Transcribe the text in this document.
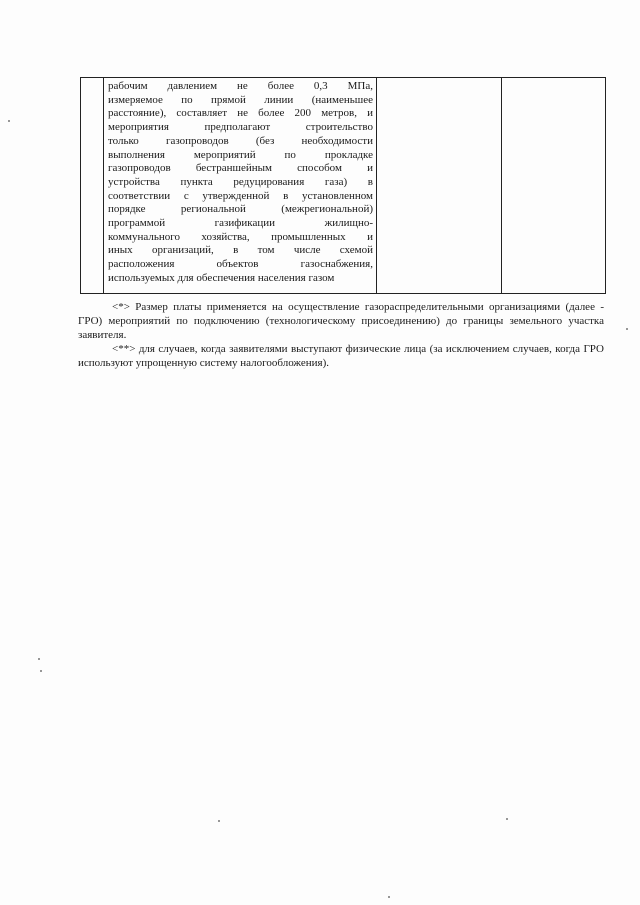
рабочим давлением не более 0,3 МПа,
измеряемое по прямой линии (наименьшее
расстояние), составляет не более 200 метров, и
мероприятия предполагают строительство
только газопроводов (без необходимости
выполнения мероприятий по прокладке
газопроводов бестраншейным способом и
устройства пункта редуцирования газа) в
соответствии с утвержденной в установленном
порядке региональной (межрегиональной)
программой газификации жилищно-
коммунального хозяйства, промышленных и
иных организаций, в том числе схемой
расположения объектов газоснабжения,
используемых для обеспечения населения газом

<*> Размер платы применяется на осуществление газораспределительными организациями (далее - ГРО) мероприятий по подключению (технологическому присоединению) до границы земельного участка заявителя.

<**> для случаев, когда заявителями выступают физические лица (за исключением случаев, когда ГРО используют упрощенную систему налогообложения).
